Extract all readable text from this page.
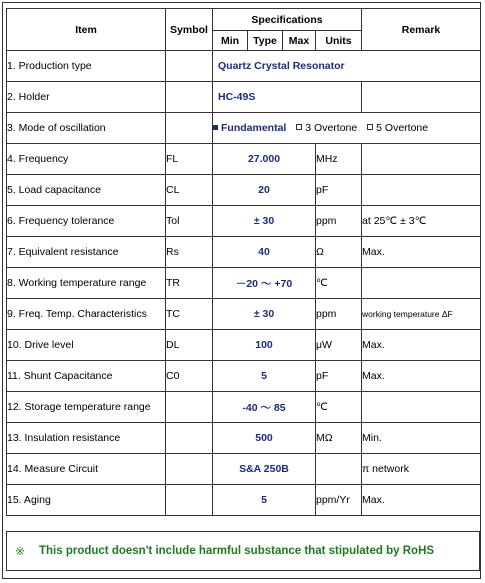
Item	Symbol	Specifications				Remark
		Min	Type	Max	Units	
1. Production type		Quartz Crystal Resonator				
2. Holder		HC-49S				
3. Mode of oscillation		Fundamental 3 Overtone 5 Overtone				
4. Frequency	FL	27.000			MHz	
5. Load capacitance	CL	20			pF	
6. Frequency tolerance	Tol	± 30			ppm	at 25℃ ± 3℃
7. Equivalent resistance	Rs	40			Ω	Max.
8. Working temperature range	TR	－20 ～ +70			℃	
9. Freq. Temp. Characteristics	TC	± 30			ppm	working temperature ΔF
10. Drive level	DL	100			μW	Max.
11. Shunt Capacitance	C0	5			pF	Max.
12. Storage temperature range		-40 ～ 85			℃	
13. Insulation resistance		500			MΩ	Min.
14. Measure Circuit		S&A 250B				π network
15. Aging		5			ppm/Yr	Max.
※	This product doesn't include harmful substance that stipulated by RoHS
